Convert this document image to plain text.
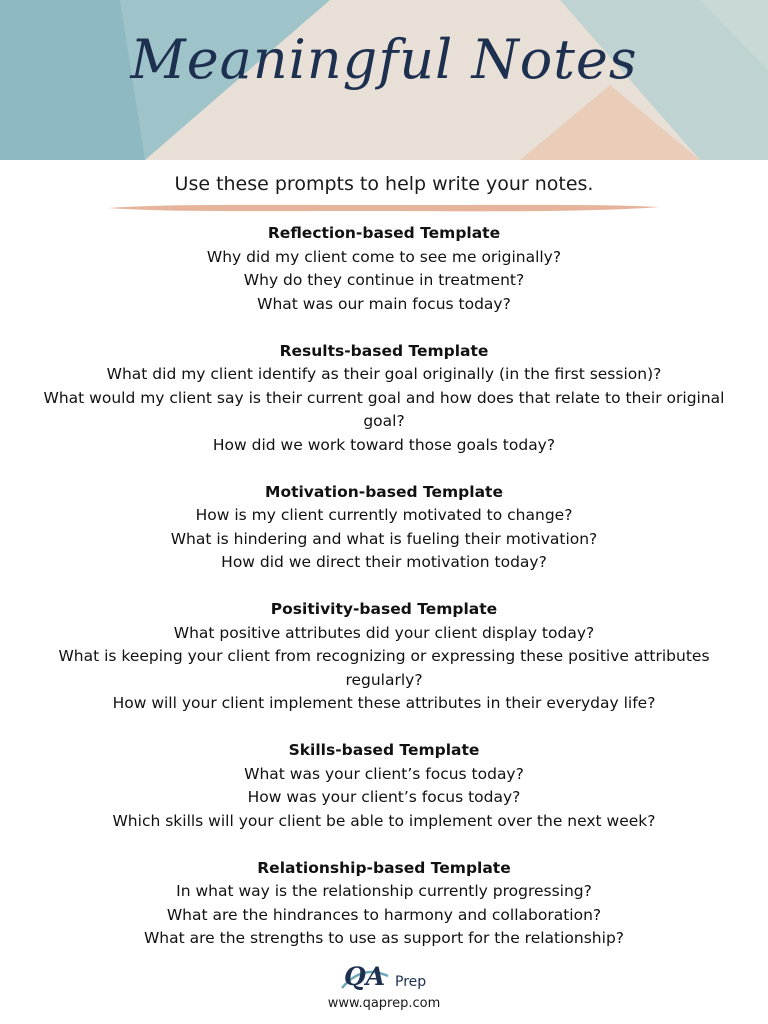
Meaningful Notes
Use these prompts to help write your notes.
Reflection-based Template
Why did my client come to see me originally?
Why do they continue in treatment?
What was our main focus today?
Results-based Template
What did my client identify as their goal originally (in the first session)?
What would my client say is their current goal and how does that relate to their original
goal?
How did we work toward those goals today?
Motivation-based Template
How is my client currently motivated to change?
What is hindering and what is fueling their motivation?
How did we direct their motivation today?
Positivity-based Template
What positive attributes did your client display today?
What is keeping your client from recognizing or expressing these positive attributes
regularly?
How will your client implement these attributes in their everyday life?
Skills-based Template
What was your client’s focus today?
How was your client’s focus today?
Which skills will your client be able to implement over the next week?
Relationship-based Template
In what way is the relationship currently progressing?
What are the hindrances to harmony and collaboration?
What are the strengths to use as support for the relationship?
QA Prep
www.qaprep.com
